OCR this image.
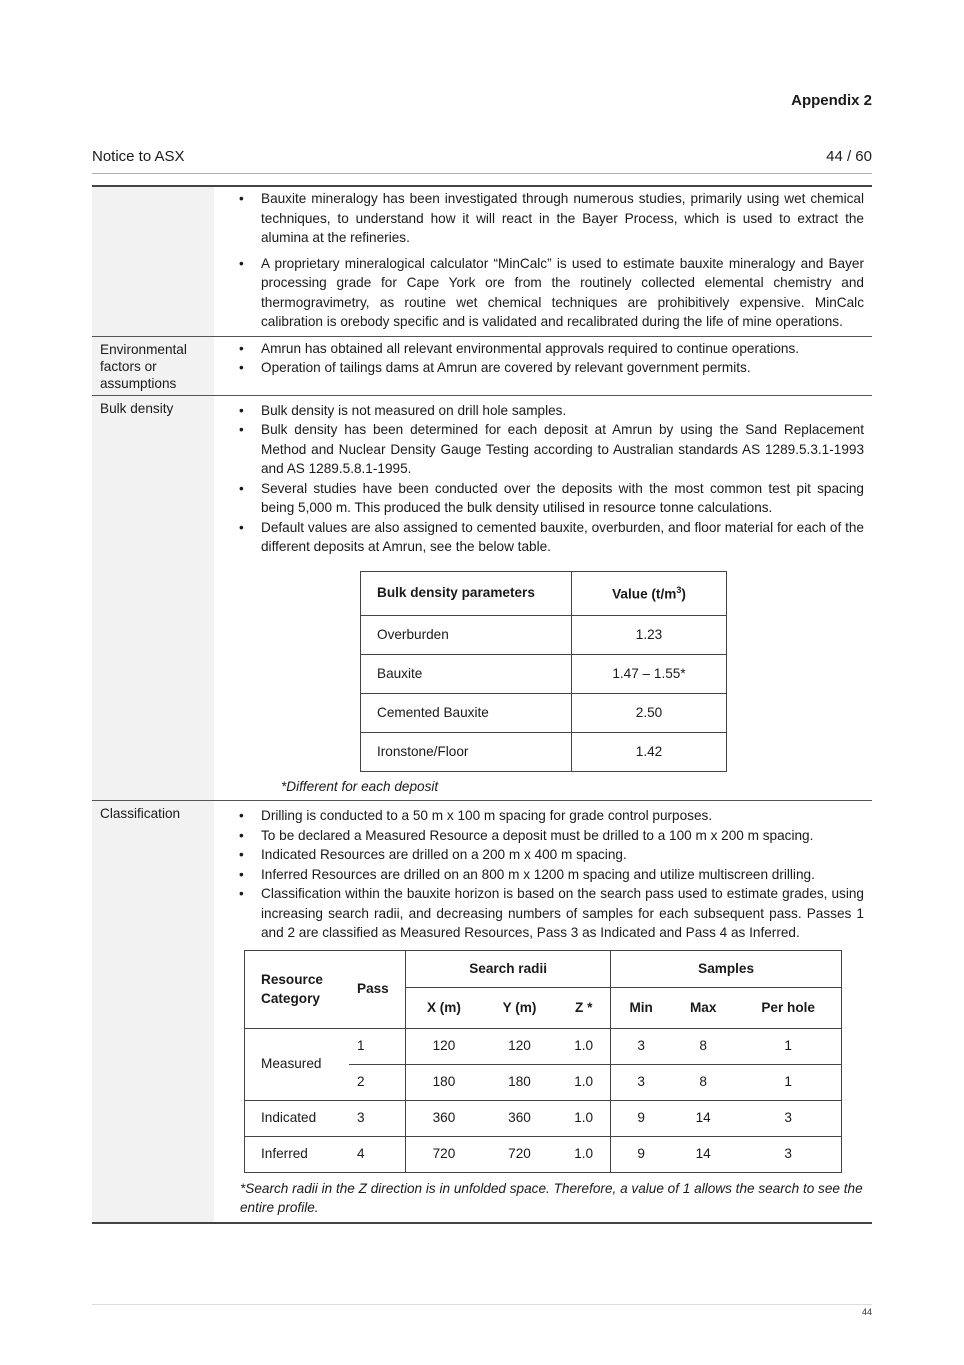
Appendix 2
Notice to ASX	44 / 60

• Bauxite mineralogy has been investigated through numerous studies, primarily using wet chemical techniques, to understand how it will react in the Bayer Process, which is used to extract the alumina at the refineries.
• A proprietary mineralogical calculator “MinCalc” is used to estimate bauxite mineralogy and Bayer processing grade for Cape York ore from the routinely collected elemental chemistry and thermogravimetry, as routine wet chemical techniques are prohibitively expensive. MinCalc calibration is orebody specific and is validated and recalibrated during the life of mine operations.

Environmental factors or assumptions	
• Amrun has obtained all relevant environmental approvals required to continue operations.
• Operation of tailings dams at Amrun are covered by relevant government permits.

Bulk density	
•Bulk density is not measured on drill hole samples.
• Bulk density has been determined for each deposit at Amrun by using the Sand Replacement Method and Nuclear Density Gauge Testing according to Australian standards AS 1289.5.3.1-1993 and AS 1289.5.8.1-1995.
• Several studies have been conducted over the deposits with the most common test pit spacing being 5,000 m. This produced the bulk density utilised in resource tonne calculations.
• Default values are also assigned to cemented bauxite, overburden, and floor material for each of the different deposits at Amrun, see the below table.
Bulk density parameters	Value $(t/m^3)$
Overburden	1.23
Bauxite	1.47 – 1.55*
Cemented Bauxite	2.50
Ironstone/Floor	1.42
*Different for each deposit

Classification	
•Drilling is conducted to a 50 m x 100 m spacing for grade control purposes.
• To be declared a Measured Resource a deposit must be drilled to a 100 m x 200 m spacing.
• Indicated Resources are drilled on a 200 m x 400 m spacing.
• Inferred Resources are drilled on an 800 m x 1200 m spacing and utilize multiscreen drilling.
• Classification within the bauxite horizon is based on the search pass used to estimate grades, using increasing search radii, and decreasing numbers of samples for each subsequent pass. Passes 1 and 2 are classified as Measured Resources, Pass 3 as Indicated and Pass 4 as Inferred.
Resource Category	Pass	Search radii	Samples
X (m)	Y (m)	Z *	Min	Max	Per hole
Measured	1	120	120	1.0	3	8	1
2	180	180	1.0	3	8	1
Indicated	3	360	360	1.0	9	14	3
Inferred	4	720	720	1.0	9	14	3
*Search radii in the Z direction is in unfolded space. Therefore, a value of 1 allows the search to see the entire profile.
44
